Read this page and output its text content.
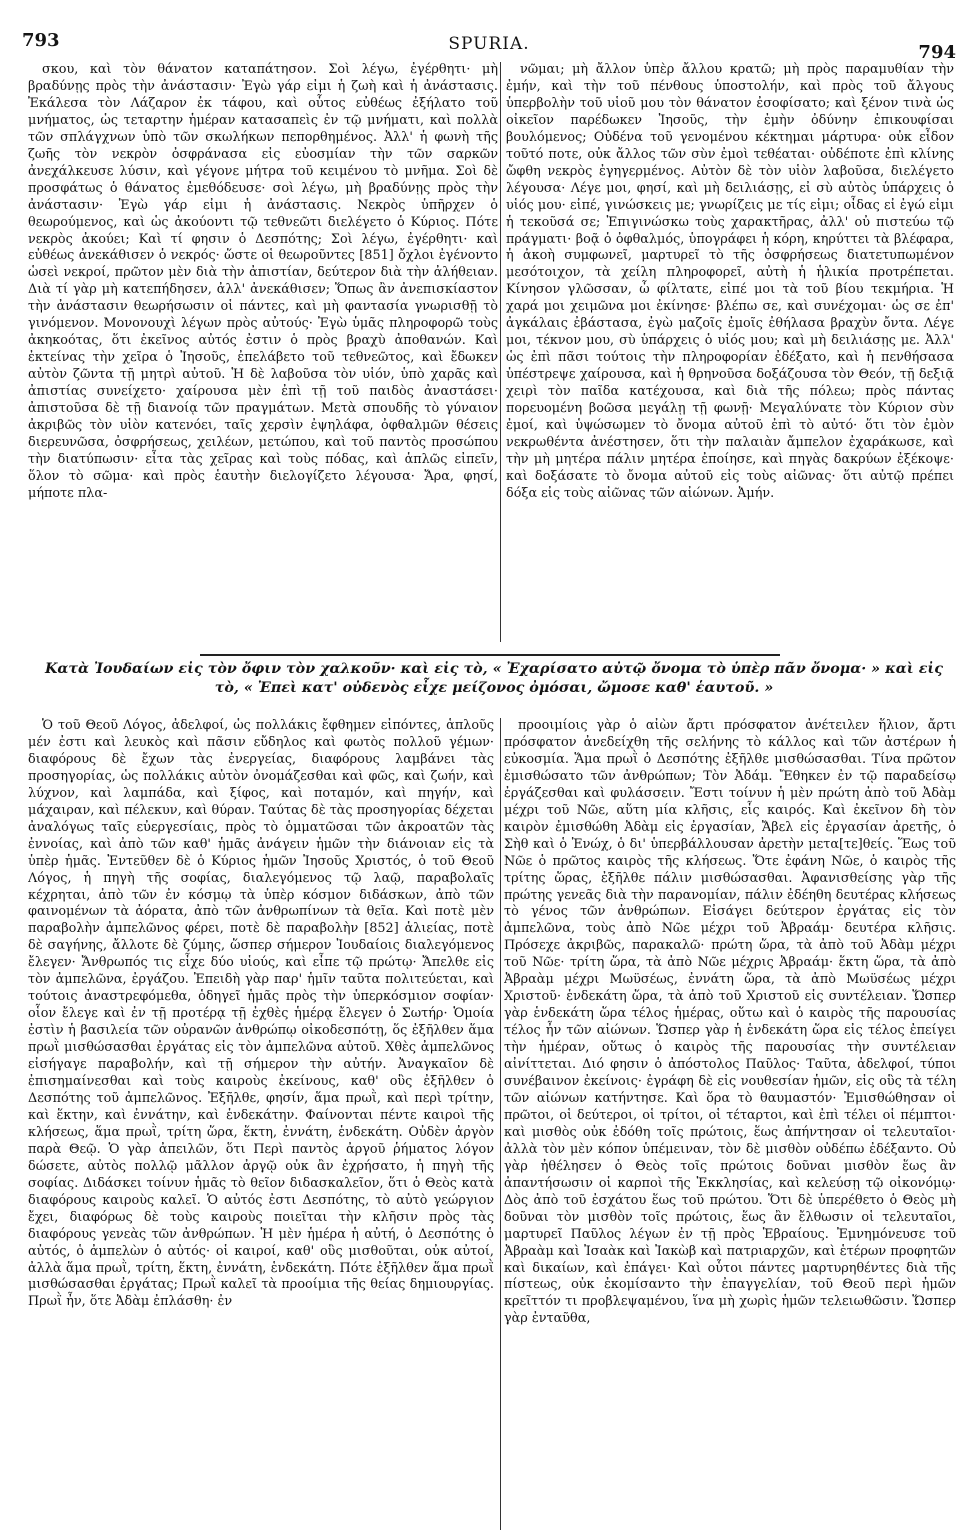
793	SPURIA.	794

σκου, καὶ τὸν θάνατον καταπάτησον. Σοὶ λέγω, ἐγέρθητι· μὴ βραδύνῃς πρὸς τὴν ἀνάστασιν· Ἐγὼ γάρ εἰμι ἡ ζωὴ καὶ ἡ ἀνάστασις. Ἐκάλεσα τὸν Λάζαρον ἐκ τάφου, καὶ οὗτος εὐθέως ἐξήλατο τοῦ μνήματος, ὡς τεταρτην ἡμέραν κατασαπεὶς ἐν τῷ μνήματι, καὶ πολλὰ τῶν σπλάγχνων ὑπὸ τῶν σκωλήκων πεπορθημένος. Ἀλλ' ἡ φωνὴ τῆς ζωῆς τὸν νεκρὸν ὀσφράνασα εἰς εὐοσμίαν τὴν τῶν σαρκῶν ἀνεχάλκευσε λύσιν, καὶ γέγονε μήτρα τοῦ κειμένου τὸ μνῆμα. Σοὶ δὲ προσφάτως ὁ θάνατος ἐμεθόδευσε· σοὶ λέγω, μὴ βραδύνῃς πρὸς τὴν ἀνάστασιν· Ἐγὼ γάρ εἰμι ἡ ἀνάστασις. Νεκρὸς ὑπῆρχεν ὁ θεωρούμενος, καὶ ὡς ἀκούοντι τῷ τεθνεῶτι διελέγετο ὁ Κύριος. Πότε νεκρὸς ἀκούει; Καὶ τί φησιν ὁ Δεσπότης; Σοὶ λέγω, ἐγέρθητι· καὶ εὐθέως ἀνεκάθισεν ὁ νεκρός· ὥστε οἱ θεωροῦντες [851] ὄχλοι ἐγένοντο ὡσεὶ νεκροί, πρῶτον μὲν διὰ τὴν ἀπιστίαν, δεύτερον διὰ τὴν ἀλήθειαν. Διὰ τί γὰρ μὴ κατεπήδησεν, ἀλλ' ἀνεκάθισεν; Ὅπως ἂν ἀνεπισκίαστον τὴν ἀνάστασιν θεωρήσωσιν οἱ πάντες, καὶ μὴ φαντασία γνωρισθῇ τὸ γινόμενον. Μονονουχὶ λέγων πρὸς αὐτούς· Ἐγὼ ὑμᾶς πληροφορῶ τοὺς ἀκηκοότας, ὅτι ἐκεῖνος αὐτός ἐστιν ὁ πρὸς βραχὺ ἀποθανών. Καὶ ἐκτείνας τὴν χεῖρα ὁ Ἰησοῦς, ἐπελάβετο τοῦ τεθνεῶτος, καὶ ἔδωκεν αὐτὸν ζῶντα τῇ μητρὶ αὐτοῦ. Ἡ δὲ λαβοῦσα τὸν υἱόν, ὑπὸ χαρᾶς καὶ ἀπιστίας συνείχετο· χαίρουσα μὲν ἐπὶ τῇ τοῦ παιδὸς ἀναστάσει· ἀπιστοῦσα δὲ τῇ διανοίᾳ τῶν πραγμάτων. Μετὰ σπουδῆς τὸ γύναιον ἀκριβῶς τὸν υἱὸν κατενόει, ταῖς χερσὶν ἐψηλάφα, ὀφθαλμῶν θέσεις διερευνῶσα, ὀσφρήσεως, χειλέων, μετώπου, καὶ τοῦ παντὸς προσώπου τὴν διατύπωσιν· εἶτα τὰς χεῖρας καὶ τοὺς πόδας, καὶ ἁπλῶς εἰπεῖν, ὅλον τὸ σῶμα· καὶ πρὸς ἑαυτὴν διελογίζετο λέγουσα· Ἄρα, φησί, μήποτε πλα-

νῶμαι; μὴ ἄλλον ὑπὲρ ἄλλου κρατῶ; μὴ πρὸς παραμυθίαν τὴν ἐμήν, καὶ τὴν τοῦ πένθους ὑποστολήν, καὶ πρὸς τοῦ ἄλγους ὑπερβολὴν τοῦ υἱοῦ μου τὸν θάνατον ἐσοφίσατο; καὶ ξένον τινὰ ὡς οἰκεῖον παρέδωκεν Ἰησοῦς, τὴν ἐμὴν ὀδύνην ἐπικουφίσαι βουλόμενος; Οὐδένα τοῦ γενομένου κέκτημαι μάρτυρα· οὐκ εἶδον τοῦτό ποτε, οὐκ ἄλλος τῶν σὺν ἐμοὶ τεθέαται· οὐδέποτε ἐπὶ κλίνης ὤφθη νεκρὸς ἐγηγερμένος. Αὐτὸν δὲ τὸν υἱὸν λαβοῦσα, διελέγετο λέγουσα· Λέγε μοι, φησί, καὶ μὴ δειλιάσῃς, εἰ σὺ αὐτὸς ὑπάρχεις ὁ υἱός μου· εἰπέ, γινώσκεις με; γνωρίζεις με τίς εἰμι; οἶδας εἰ ἐγώ εἰμι ἡ τεκοῦσά σε; Ἐπιγινώσκω τοὺς χαρακτῆρας, ἀλλ' οὐ πιστεύω τῷ πράγματι· βοᾷ ὁ ὀφθαλμός, ὑπογράφει ἡ κόρη, κηρύττει τὰ βλέφαρα, ἡ ἀκοὴ συμφωνεῖ, μαρτυρεῖ τὸ τῆς ὀσφρήσεως διατετυπωμένον μεσότοιχον, τὰ χείλη πληροφορεῖ, αὐτὴ ἡ ἡλικία προτρέπεται. Κίνησον γλῶσσαν, ὦ φίλτατε, εἰπέ μοι τὰ τοῦ βίου τεκμήρια. Ἡ χαρά μοι χειμῶνα μοι ἐκίνησε· βλέπω σε, καὶ συνέχομαι· ὡς σε ἐπ' ἀγκάλαις ἐβάστασα, ἐγὼ μαζοῖς ἐμοῖς ἐθήλασα βραχὺν ὄντα. Λέγε μοι, τέκνον μου, σὺ ὑπάρχεις ὁ υἱός μου; καὶ μὴ δειλιάσῃς με. Ἀλλ' ὡς ἐπὶ πᾶσι τούτοις τὴν πληροφορίαν ἐδέξατο, καὶ ἡ πενθήσασα ὑπέστρεψε χαίρουσα, καὶ ἡ θρηνοῦσα δοξάζουσα τὸν Θεόν, τῇ δεξιᾷ χειρὶ τὸν παῖδα κατέχουσα, καὶ διὰ τῆς πόλεω; πρὸς πάντας πορευομένη βοῶσα μεγάλῃ τῇ φωνῇ· Μεγαλύνατε τὸν Κύριον σὺν ἐμοί, καὶ ὑψώσωμεν τὸ ὄνομα αὐτοῦ ἐπὶ τὸ αὐτό· ὅτι τὸν ἐμὸν νεκρωθέντα ἀνέστησεν, ὅτι τὴν παλαιὰν ἄμπελον ἐχαράκωσε, καὶ τὴν μὴ μητέρα πάλιν μητέρα ἐποίησε, καὶ πηγὰς δακρύων ἐξέκοψε· καὶ δοξάσατε τὸ ὄνομα αὐτοῦ εἰς τοὺς αἰῶνας· ὅτι αὐτῷ πρέπει δόξα εἰς τοὺς αἰῶνας τῶν αἰώνων. Ἀμήν.

Κατὰ Ἰουδαίων εἰς τὸν ὄφιν τὸν χαλκοῦν· καὶ εἰς τὸ, « Ἐχαρίσατο αὐτῷ ὄνομα τὸ ὑπὲρ πᾶν ὄνομα· » καὶ εἰς τὸ, « Ἐπεὶ κατ' οὐδενὸς εἶχε μείζονος ὀμόσαι, ὤμοσε καθ' ἑαυτοῦ. »

Ὁ τοῦ Θεοῦ Λόγος, ἀδελφοί, ὡς πολλάκις ἔφθημεν εἰπόντες, ἁπλοῦς μέν ἐστι καὶ λευκὸς καὶ πᾶσιν εὔδηλος καὶ φωτὸς πολλοῦ γέμων· διαφόρους δὲ ἔχων τὰς ἐνεργείας, διαφόρους λαμβάνει τὰς προσηγορίας, ὡς πολλάκις αὐτὸν ὀνομάζεσθαι καὶ φῶς, καὶ ζωήν, καὶ λύχνον, καὶ λαμπάδα, καὶ ξίφος, καὶ ποταμόν, καὶ πηγήν, καὶ μάχαιραν, καὶ πέλεκυν, καὶ θύραν. Ταύτας δὲ τὰς προσηγορίας δέχεται ἀναλόγως ταῖς εὐεργεσίαις, πρὸς τὸ ὁμματῶσαι τῶν ἀκροατῶν τὰς ἐννοίας, καὶ ἀπὸ τῶν καθ' ἡμᾶς ἀνάγειν ἡμῶν τὴν διάνοιαν εἰς τὰ ὑπὲρ ἡμᾶς. Ἐντεῦθεν δὲ ὁ Κύριος ἡμῶν Ἰησοῦς Χριστός, ὁ τοῦ Θεοῦ Λόγος, ἡ πηγὴ τῆς σοφίας, διαλεγόμενος τῷ λαῷ, παραβολαῖς κέχρηται, ἀπὸ τῶν ἐν κόσμῳ τὰ ὑπὲρ κόσμον διδάσκων, ἀπὸ τῶν φαινομένων τὰ ἀόρατα, ἀπὸ τῶν ἀνθρωπίνων τὰ θεῖα. Καὶ ποτὲ μὲν παραβολὴν ἀμπελῶνος φέρει, ποτὲ δὲ παραβολὴν [852] ἁλιείας, ποτὲ δὲ σαγήνης, ἄλλοτε δὲ ζύμης, ὥσπερ σήμερον Ἰουδαίοις διαλεγόμενος ἔλεγεν· Ἄνθρωπός τις εἶχε δύο υἱούς, καὶ εἶπε τῷ πρώτῳ· Ἄπελθε εἰς τὸν ἀμπελῶνα, ἐργάζου. Ἐπειδὴ γὰρ παρ' ἡμῖν ταῦτα πολιτεύεται, καὶ τούτοις ἀναστρεφόμεθα, ὁδηγεῖ ἡμᾶς πρὸς τὴν ὑπερκόσμιον σοφίαν· οἷον ἔλεγε καὶ ἐν τῇ προτέρᾳ τῇ ἐχθὲς ἡμέρᾳ ἔλεγεν ὁ Σωτήρ· Ὁμοία ἐστὶν ἡ βασιλεία τῶν οὐρανῶν ἀνθρώπῳ οἰκοδεσπότῃ, ὅς ἐξῆλθεν ἅμα πρωῒ μισθώσασθαι ἐργάτας εἰς τὸν ἀμπελῶνα αὐτοῦ. Χθὲς ἀμπελῶνος εἰσήγαγε παραβολήν, καὶ τῇ σήμερον τὴν αὐτήν. Ἀναγκαῖον δὲ ἐπισημαίνεσθαι καὶ τοὺς καιροὺς ἐκείνους, καθ' οὓς ἐξῆλθεν ὁ Δεσπότης τοῦ ἀμπελῶνος. Ἐξῆλθε, φησίν, ἅμα πρωῒ, καὶ περὶ τρίτην, καὶ ἕκτην, καὶ ἐννάτην, καὶ ἑνδεκάτην. Φαίνονται πέντε καιροὶ τῆς κλήσεως, ἅμα πρωῒ, τρίτη ὥρα, ἕκτη, ἐννάτη, ἑνδεκάτη. Οὐδὲν ἀργὸν παρὰ Θεῷ. Ὁ γὰρ ἀπειλῶν, ὅτι Περὶ παντὸς ἀργοῦ ῥήματος λόγον δώσετε, αὐτὸς πολλῷ μᾶλλον ἀργῷ οὐκ ἂν ἐχρήσατο, ἡ πηγὴ τῆς σοφίας. Διδάσκει τοίνυν ἡμᾶς τὸ θεῖον διδασκαλεῖον, ὅτι ὁ Θεὸς κατὰ διαφόρους καιροὺς καλεῖ. Ὁ αὐτός ἐστι Δεσπότης, τὸ αὐτὸ γεώργιον ἔχει, διαφόρως δὲ τοὺς καιροὺς ποιεῖται τὴν κλῆσιν πρὸς τὰς διαφόρους γενεὰς τῶν ἀνθρώπων. Ἡ μὲν ἡμέρα ἡ αὐτή, ὁ Δεσπότης ὁ αὐτός, ὁ ἀμπελὼν ὁ αὐτός· οἱ καιροί, καθ' οὓς μισθοῦται, οὐκ αὐτοί, ἀλλὰ ἅμα πρωῒ, τρίτη, ἕκτη, ἐννάτη, ἑνδεκάτη. Πότε ἐξῆλθεν ἅμα πρωῒ μισθώσασθαι ἐργάτας; Πρωῒ καλεῖ τὰ προοίμια τῆς θείας δημιουργίας. Πρωῒ ἦν, ὅτε Ἀδὰμ ἐπλάσθη· ἐν

προοιμίοις γὰρ ὁ αἰὼν ἄρτι πρόσφατον ἀνέτειλεν ἥλιον, ἄρτι πρόσφατον ἀνεδείχθη τῆς σελήνης τὸ κάλλος καὶ τῶν ἀστέρων ἡ εὐκοσμία. Ἅμα πρωῒ ὁ Δεσπότης ἐξῆλθε μισθώσασθαι. Τίνα πρῶτον ἐμισθώσατο τῶν ἀνθρώπων; Τὸν Ἀδάμ. Ἔθηκεν ἐν τῷ παραδείσῳ ἐργάζεσθαι καὶ φυλάσσειν. Ἔστι τοίνυν ἡ μὲν πρώτη ἀπὸ τοῦ Ἀδὰμ μέχρι τοῦ Νῶε, αὕτη μία κλῆσις, εἷς καιρός. Καὶ ἐκεῖνον δὴ τὸν καιρὸν ἐμισθώθη Ἀδὰμ εἰς ἐργασίαν, Ἄβελ εἰς ἐργασίαν ἀρετῆς, ὁ Σὴθ καὶ ὁ Ἐνώχ, ὁ δι' ὑπερβάλλουσαν ἀρετὴν μετα[τε]θείς. Ἕως τοῦ Νῶε ὁ πρῶτος καιρὸς τῆς κλήσεως. Ὅτε ἐφάνη Νῶε, ὁ καιρὸς τῆς τρίτης ὥρας, ἐξῆλθε πάλιν μισθώσασθαι. Ἀφανισθείσης γὰρ τῆς πρώτης γενεᾶς διὰ τὴν παρανομίαν, πάλιν ἐδέηθη δευτέρας κλήσεως τὸ γένος τῶν ἀνθρώπων. Εἰσάγει δεύτερον ἐργάτας εἰς τὸν ἀμπελῶνα, τοὺς ἀπὸ Νῶε μέχρι τοῦ Ἀβραάμ· δευτέρα κλῆσις. Πρόσεχε ἀκριβῶς, παρακαλῶ· πρώτη ὥρα, τὰ ἀπὸ τοῦ Ἀδὰμ μέχρι τοῦ Νῶε· τρίτη ὥρα, τὰ ἀπὸ Νῶε μέχρις Ἀβραάμ· ἕκτη ὥρα, τὰ ἀπὸ Ἀβραὰμ μέχρι Μωϋσέως, ἐννάτη ὥρα, τὰ ἀπὸ Μωϋσέως μέχρι Χριστοῦ· ἑνδεκάτη ὥρα, τὰ ἀπὸ τοῦ Χριστοῦ εἰς συντέλειαν. Ὥσπερ γὰρ ἑνδεκάτη ὥρα τέλος ἡμέρας, οὕτω καὶ ὁ καιρὸς τῆς παρουσίας τέλος ἦν τῶν αἰώνων. Ὥσπερ γὰρ ἡ ἑνδεκάτη ὥρα εἰς τέλος ἐπείγει τὴν ἡμέραν, οὕτως ὁ καιρὸς τῆς παρουσίας τὴν συντέλειαν αἰνίττεται. Διό φησιν ὁ ἀπόστολος Παῦλος· Ταῦτα, ἀδελφοί, τύποι συνέβαινον ἐκείνοις· ἐγράφη δὲ εἰς νουθεσίαν ἡμῶν, εἰς οὓς τὰ τέλη τῶν αἰώνων κατήντησε. Καὶ ὅρα τὸ θαυμαστόν· Ἐμισθώθησαν οἱ πρῶτοι, οἱ δεύτεροι, οἱ τρίτοι, οἱ τέταρτοι, καὶ ἐπὶ τέλει οἱ πέμπτοι· καὶ μισθὸς οὐκ ἐδόθη τοῖς πρώτοις, ἕως ἀπήντησαν οἱ τελευταῖοι· ἀλλὰ τὸν μὲν κόπον ὑπέμειναν, τὸν δὲ μισθὸν οὐδέπω ἐδέξαντο. Οὐ γὰρ ἠθέλησεν ὁ Θεὸς τοῖς πρώτοις δοῦναι μισθὸν ἕως ἂν ἀπαντήσωσιν οἱ καρποὶ τῆς Ἐκκλησίας, καὶ κελεύσῃ τῷ οἰκονόμῳ· Δὸς ἀπὸ τοῦ ἐσχάτου ἕως τοῦ πρώτου. Ὅτι δὲ ὑπερέθετο ὁ Θεὸς μὴ δοῦναι τὸν μισθὸν τοῖς πρώτοις, ἕως ἂν ἔλθωσιν οἱ τελευταῖοι, μαρτυρεῖ Παῦλος λέγων ἐν τῇ πρὸς Ἑβραίους. Ἐμνημόνευσε τοῦ Ἀβραὰμ καὶ Ἰσαὰκ καὶ Ἰακὼβ καὶ πατριαρχῶν, καὶ ἑτέρων προφητῶν καὶ δικαίων, καὶ ἐπάγει· Καὶ οὗτοι πάντες μαρτυρηθέντες διὰ τῆς πίστεως, οὐκ ἐκομίσαντο τὴν ἐπαγγελίαν, τοῦ Θεοῦ περὶ ἡμῶν κρεῖττόν τι προβλεψαμένου, ἵνα μὴ χωρὶς ἡμῶν τελειωθῶσιν. Ὥσπερ γὰρ ἐνταῦθα,
